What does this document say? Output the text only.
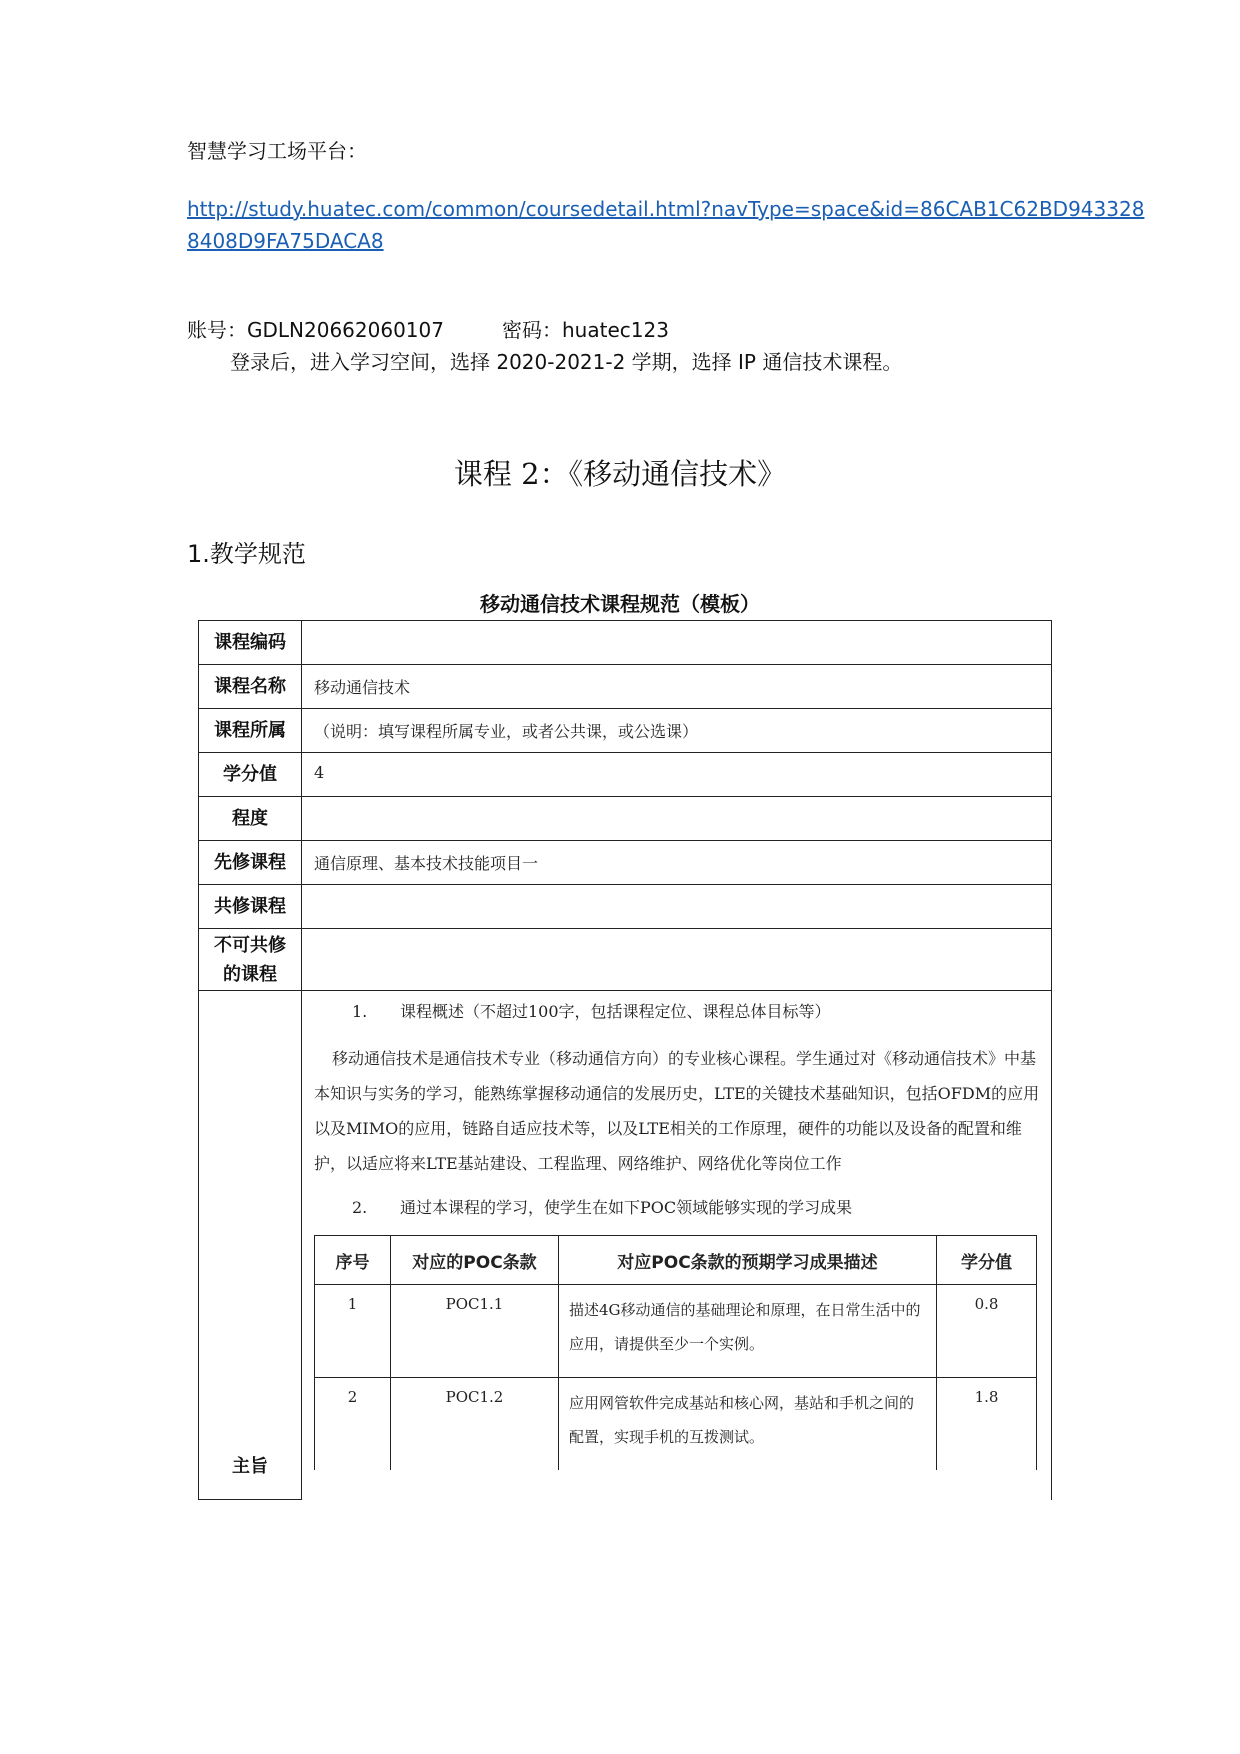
智慧学习工场平台：
http://study.huatec.com/common/coursedetail.html?navType=space&id=86CAB1C62BD943328
8408D9FA75DACA8
账号：GDLN20662060107	密码：huatec123
登录后，进入学习空间，选择 2020-2021-2 学期，选择 IP 通信技术课程。
课程 2：《移动通信技术》
1.教学规范
移动通信技术课程规范（模板）
课程编码	
课程名称	移动通信技术
课程所属	（说明：填写课程所属专业，或者公共课，或公选课）
学分值	4
程度	
先修课程	通信原理、基本技术技能项目一
共修课程	
不可共修的课程	
主旨	
1. 课程概述（不超过100字，包括课程定位、课程总体目标等）
移动通信技术是通信技术专业（移动通信方向）的专业核心课程。学生通过对《移动通信技术》中基本知识与实务的学习，能熟练掌握移动通信的发展历史，LTE的关键技术基础知识，包括OFDM的应用以及MIMO的应用，链路自适应技术等，以及LTE相关的工作原理，硬件的功能以及设备的配置和维护，以适应将来LTE基站建设、工程监理、网络维护、网络优化等岗位工作
2. 通过本课程的学习，使学生在如下POC领域能够实现的学习成果
序号	对应的POC条款	对应POC条款的预期学习成果描述	学分值
1	POC1.1	描述4G移动通信的基础理论和原理，在日常生活中的应用，请提供至少一个实例。	0.8
2	POC1.2	应用网管软件完成基站和核心网，基站和手机之间的配置，实现手机的互拨测试。	1.8
